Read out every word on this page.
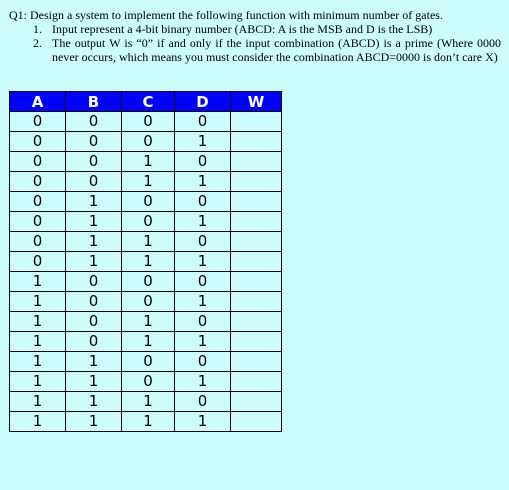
Q1: Design a system to implement the following function with minimum number of gates.

1. Input represent a 4-bit binary number (ABCD: A is the MSB and D is the LSB)
2. The output W is “0” if and only if the input combination (ABCD) is a prime (Where 0000 never occurs, which means you must consider the combination ABCD=0000 is don’t care X)
A	B	C	D	W
0	0	0	0	
0	0	0	1	
0	0	1	0	
0	0	1	1	
0	1	0	0	
0	1	0	1	
0	1	1	0	
0	1	1	1	
1	0	0	0	
1	0	0	1	
1	0	1	0	
1	0	1	1	
1	1	0	0	
1	1	0	1	
1	1	1	0	
1	1	1	1	
